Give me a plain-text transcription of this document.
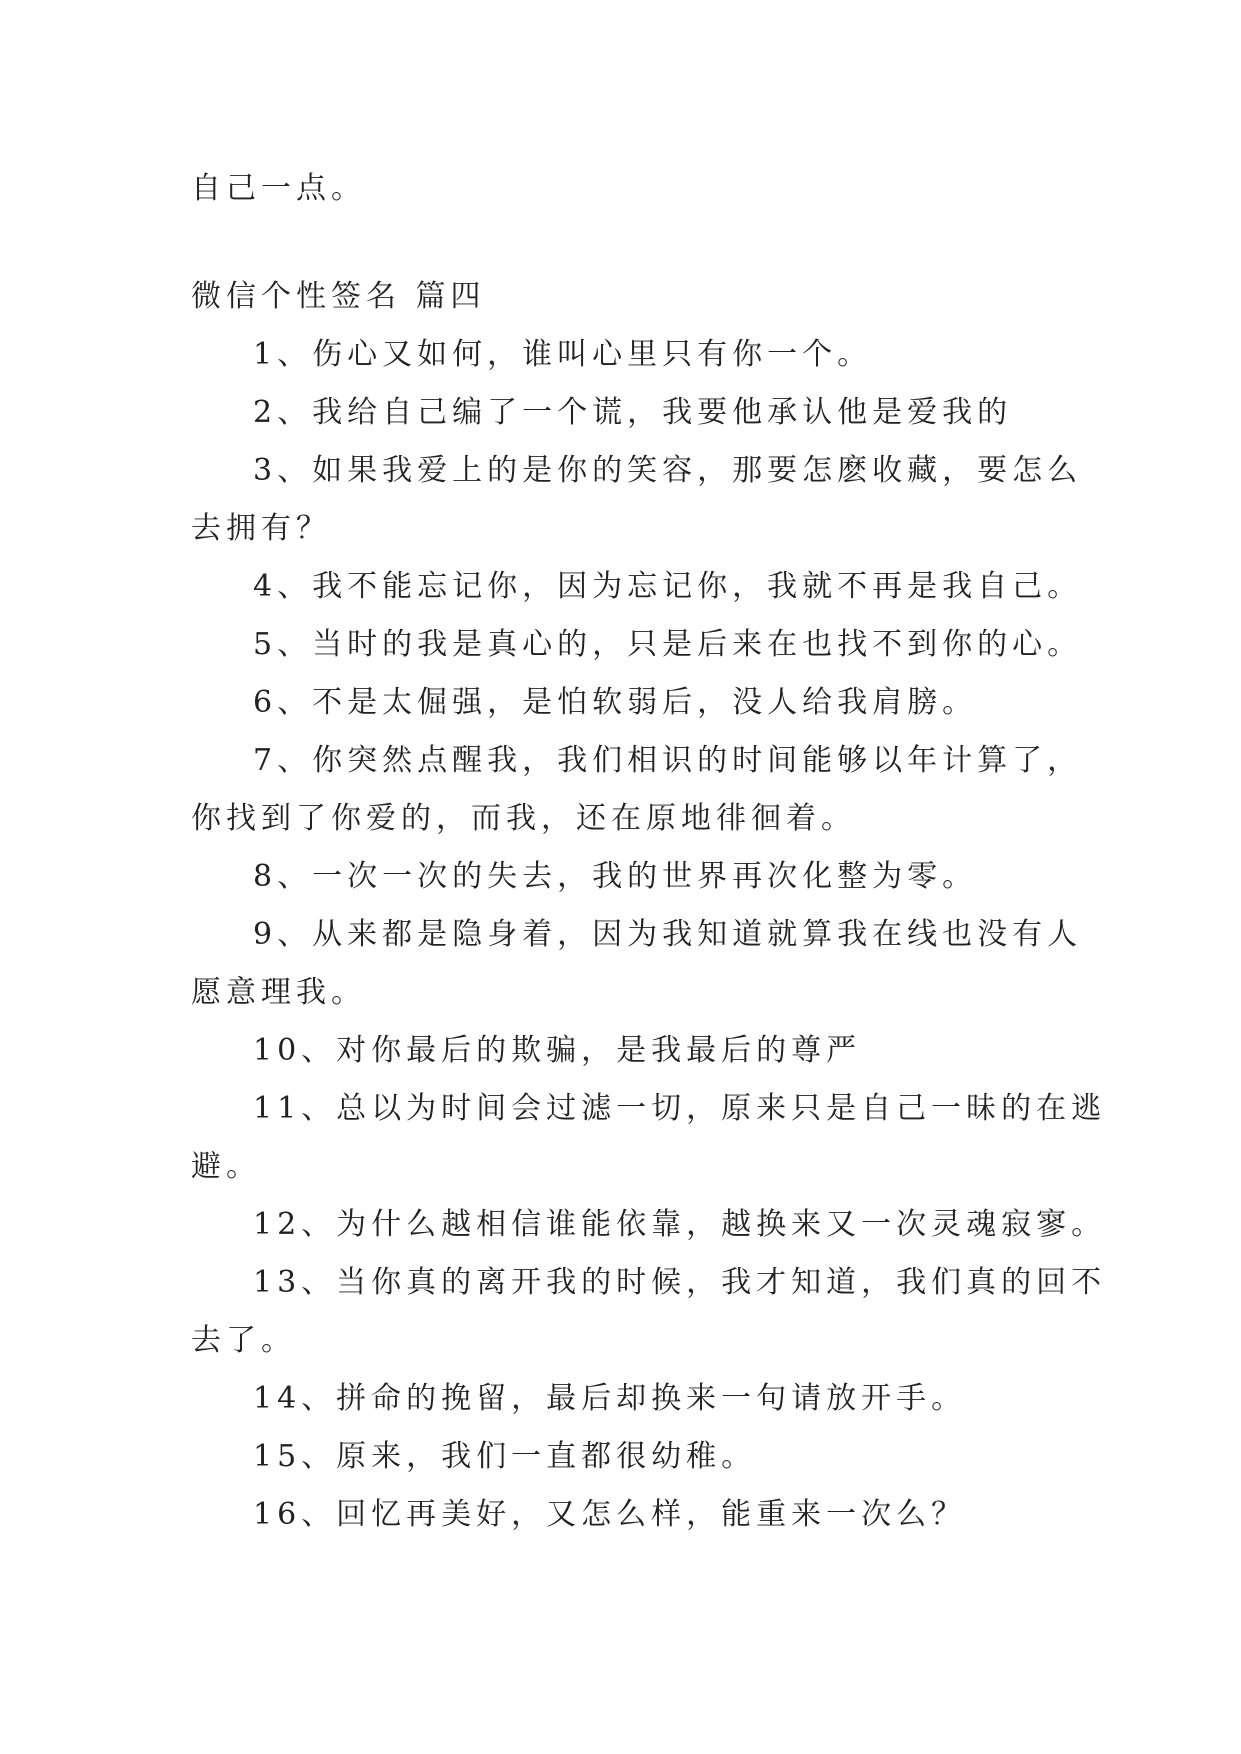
自己一点。

微信个性签名 篇四

1、伤心又如何，谁叫心里只有你一个。

2、我给自己编了一个谎，我要他承认他是爱我的

3、如果我爱上的是你的笑容，那要怎麽收藏，要怎么

去拥有？

4、我不能忘记你，因为忘记你，我就不再是我自己。

5、当时的我是真心的，只是后来在也找不到你的心。

6、不是太倔强，是怕软弱后，没人给我肩膀。

7、你突然点醒我，我们相识的时间能够以年计算了，

你找到了你爱的，而我，还在原地徘徊着。

8、一次一次的失去，我的世界再次化整为零。

9、从来都是隐身着，因为我知道就算我在线也没有人

愿意理我。

10、对你最后的欺骗，是我最后的尊严

11、总以为时间会过滤一切，原来只是自己一昧的在逃

避。

12、为什么越相信谁能依靠，越换来又一次灵魂寂寥。

13、当你真的离开我的时候，我才知道，我们真的回不

去了。

14、拼命的挽留，最后却换来一句请放开手。

15、原来，我们一直都很幼稚。

16、回忆再美好，又怎么样，能重来一次么？
